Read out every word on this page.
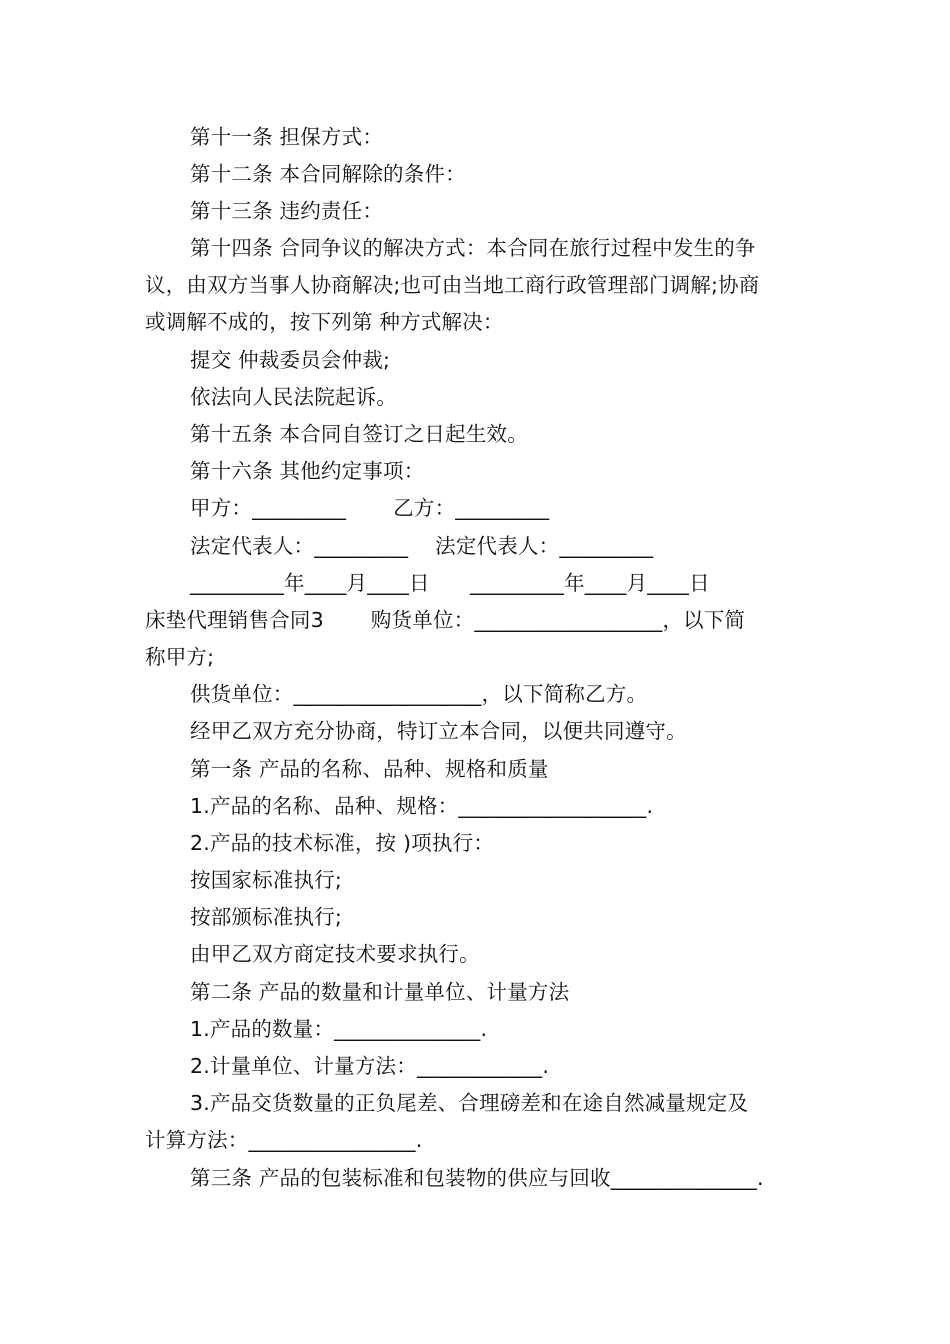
第十一条 担保方式：
第十二条 本合同解除的条件：
第十三条 违约责任：
第十四条 合同争议的解决方式：本合同在旅行过程中发生的争
议，由双方当事人协商解决;也可由当地工商行政管理部门调解;协商
或调解不成的，按下列第 种方式解决：
提交 仲裁委员会仲裁;
依法向人民法院起诉。
第十五条 本合同自签订之日起生效。
第十六条 其他约定事项：
甲方：_________       乙方：_________
法定代表人：_________    法定代表人：_________
_________年____月____日      _________年____月____日
床垫代理销售合同3       购货单位：__________________，以下简
称甲方;
供货单位：__________________，以下简称乙方。
经甲乙双方充分协商，特订立本合同，以便共同遵守。
第一条 产品的名称、品种、规格和质量
1.产品的名称、品种、规格：__________________.
2.产品的技术标准，按 )项执行：
按国家标准执行;
按部颁标准执行;
由甲乙双方商定技术要求执行。
第二条 产品的数量和计量单位、计量方法
1.产品的数量：______________.
2.计量单位、计量方法：____________.
3.产品交货数量的正负尾差、合理磅差和在途自然减量规定及
计算方法：________________.
第三条 产品的包装标准和包装物的供应与回收______________.
